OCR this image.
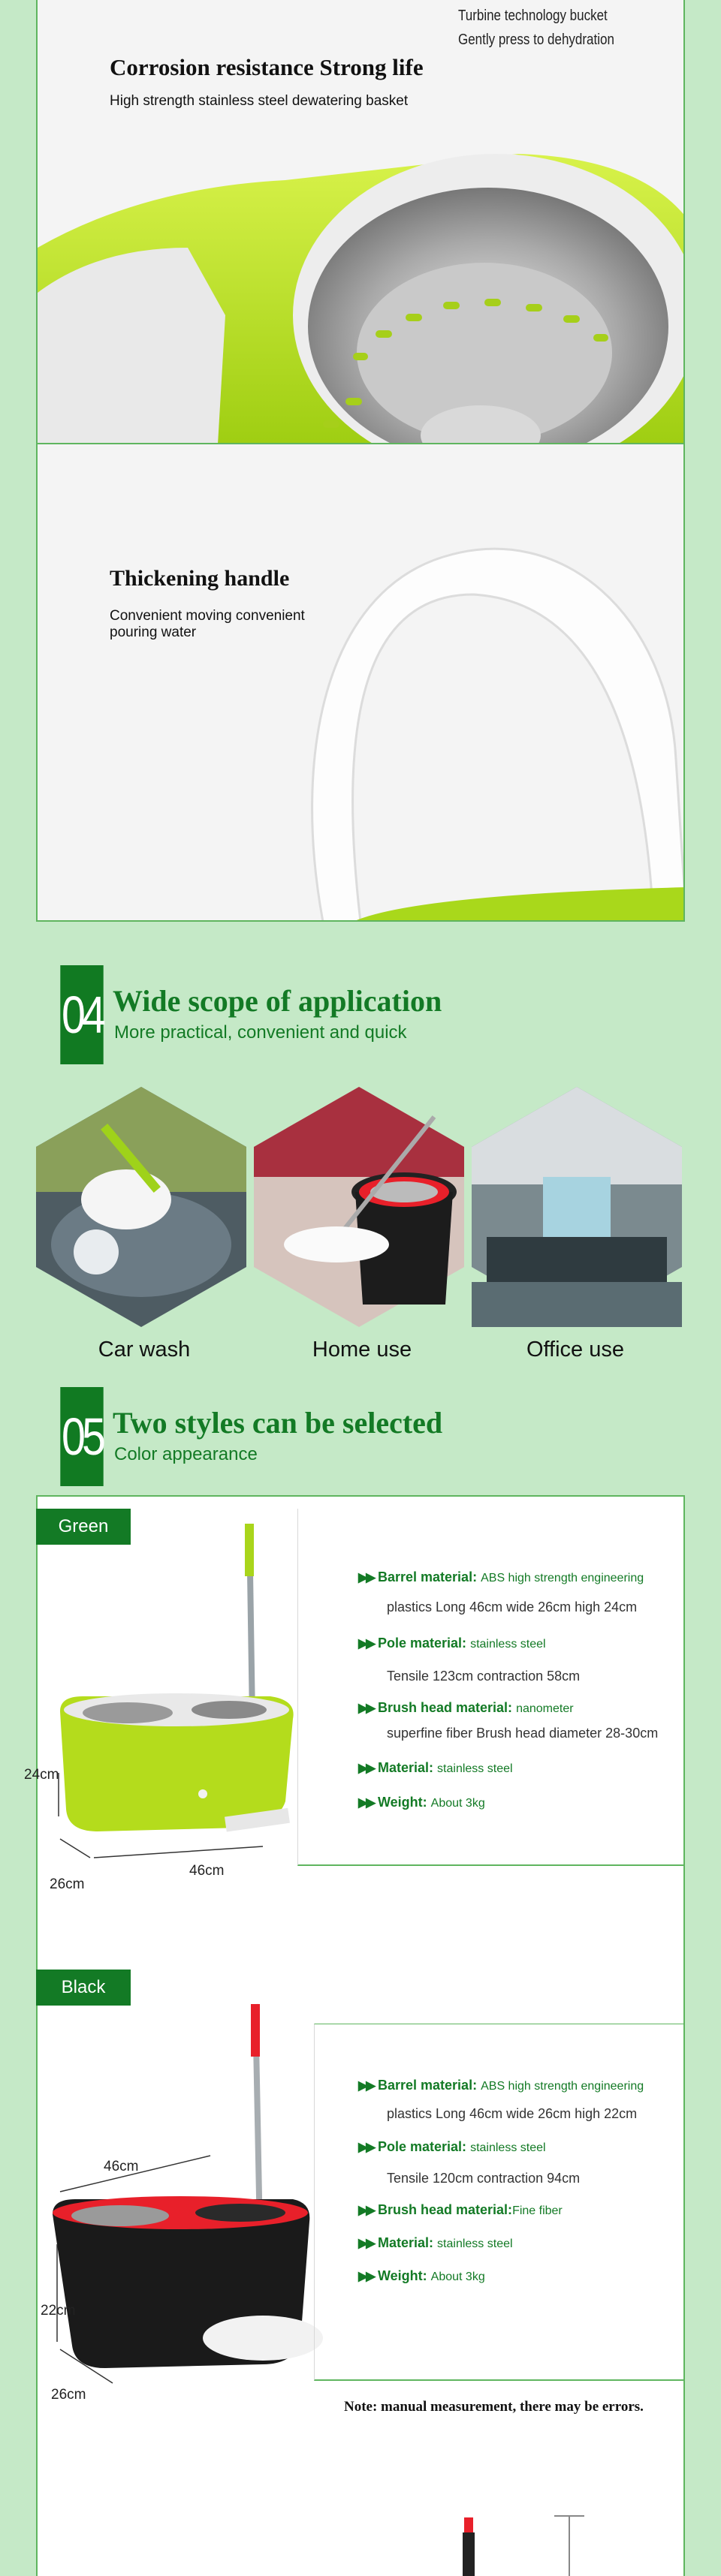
Turbine technology bucket
Gently press to dehydration
Corrosion resistance Strong life
High strength stainless steel dewatering basket
Thickening handle
Convenient moving convenient
pouring water
04 Wide scope of application
More practical, convenient and quick
Car wash	Home use	Office use
05 Two styles can be selected
Color appearance
Green
24cm
26cm
46cm
▶▶ Barrel material: ABS high strength engineering
plastics Long 46cm wide 26cm high 24cm
▶▶ Pole material: stainless steel
Tensile 123cm contraction 58cm
▶▶ Brush head material: nanometer
superfine fiber Brush head diameter 28-30cm
▶▶ Material: stainless steel
▶▶ Weight: About 3kg
Black
46cm
22cm
26cm
▶▶ Barrel material: ABS high strength engineering
plastics Long 46cm wide 26cm high 22cm
▶▶ Pole material: stainless steel
Tensile 120cm contraction 94cm
▶▶ Brush head material:Fine fiber
▶▶ Material: stainless steel
▶▶ Weight: About 3kg
Note: manual measurement, there may be errors.
